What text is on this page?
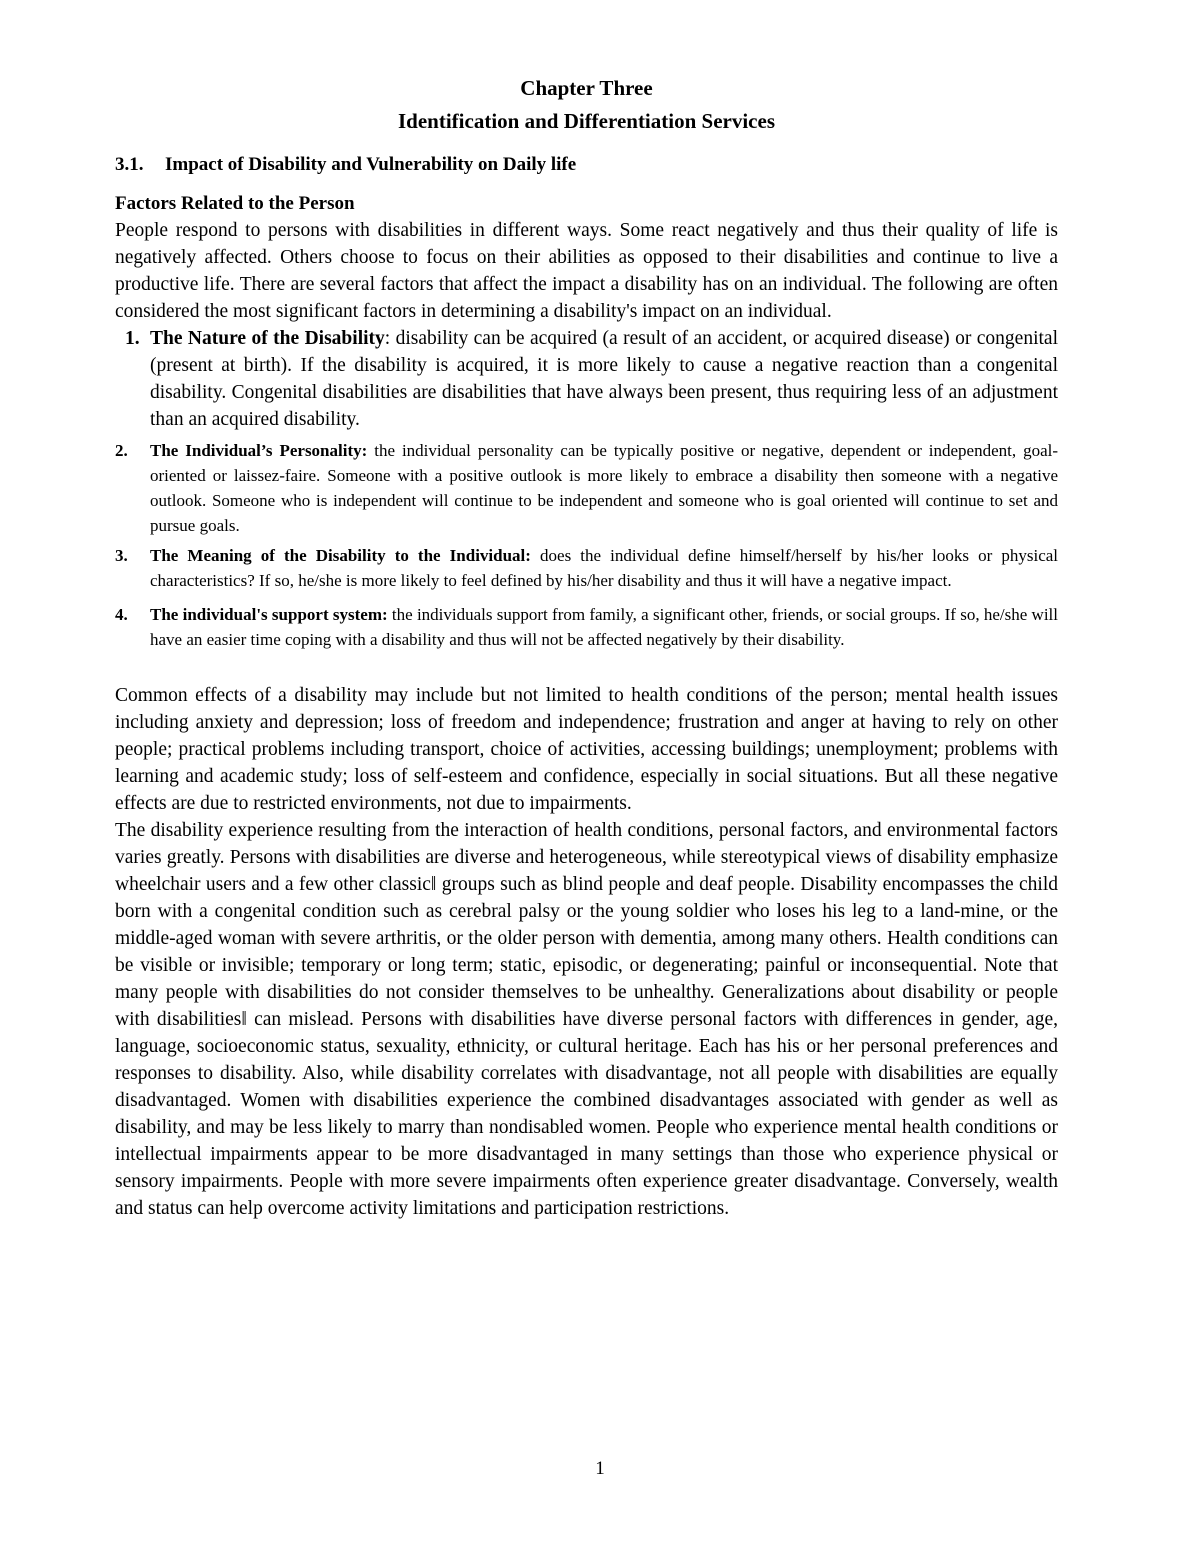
Chapter Three
Identification and Differentiation Services

3.1. Impact of Disability and Vulnerability on Daily life

Factors Related to the Person

People respond to persons with disabilities in different ways. Some react negatively and thus their quality of life is negatively affected. Others choose to focus on their abilities as opposed to their disabilities and continue to live a productive life. There are several factors that affect the impact a disability has on an individual. The following are often considered the most significant factors in determining a disability's impact on an individual.

1. The Nature of the Disability: disability can be acquired (a result of an accident, or acquired disease) or congenital (present at birth). If the disability is acquired, it is more likely to cause a negative reaction than a congenital disability. Congenital disabilities are disabilities that have always been present, thus requiring less of an adjustment than an acquired disability.
2. The Individual’s Personality: the individual personality can be typically positive or negative, dependent or independent, goal-oriented or laissez-faire. Someone with a positive outlook is more likely to embrace a disability then someone with a negative outlook. Someone who is independent will continue to be independent and someone who is goal oriented will continue to set and pursue goals.
3. The Meaning of the Disability to the Individual: does the individual define himself/herself by his/her looks or physical characteristics? If so, he/she is more likely to feel defined by his/her disability and thus it will have a negative impact.
4. The individual's support system: the individuals support from family, a significant other, friends, or social groups. If so, he/she will have an easier time coping with a disability and thus will not be affected negatively by their disability.

Common effects of a disability may include but not limited to health conditions of the person; mental health issues including anxiety and depression; loss of freedom and independence; frustration and anger at having to rely on other people; practical problems including transport, choice of activities, accessing buildings; unemployment; problems with learning and academic study; loss of self-esteem and confidence, especially in social situations. But all these negative effects are due to restricted environments, not due to impairments.

The disability experience resulting from the interaction of health conditions, personal factors, and environmental factors varies greatly. Persons with disabilities are diverse and heterogeneous, while stereotypical views of disability emphasize wheelchair users and a few other classic‖ groups such as blind people and deaf people. Disability encompasses the child born with a congenital condition such as cerebral palsy or the young soldier who loses his leg to a land-mine, or the middle-aged woman with severe arthritis, or the older person with dementia, among many others. Health conditions can be visible or invisible; temporary or long term; static, episodic, or degenerating; painful or inconsequential. Note that many people with disabilities do not consider themselves to be unhealthy. Generalizations about disability or people with disabilities‖ can mislead. Persons with disabilities have diverse personal factors with differences in gender, age, language, socioeconomic status, sexuality, ethnicity, or cultural heritage. Each has his or her personal preferences and responses to disability. Also, while disability correlates with disadvantage, not all people with disabilities are equally disadvantaged. Women with disabilities experience the combined disadvantages associated with gender as well as disability, and may be less likely to marry than nondisabled women. People who experience mental health conditions or intellectual impairments appear to be more disadvantaged in many settings than those who experience physical or sensory impairments. People with more severe impairments often experience greater disadvantage. Conversely, wealth and status can help overcome activity limitations and participation restrictions.

1
